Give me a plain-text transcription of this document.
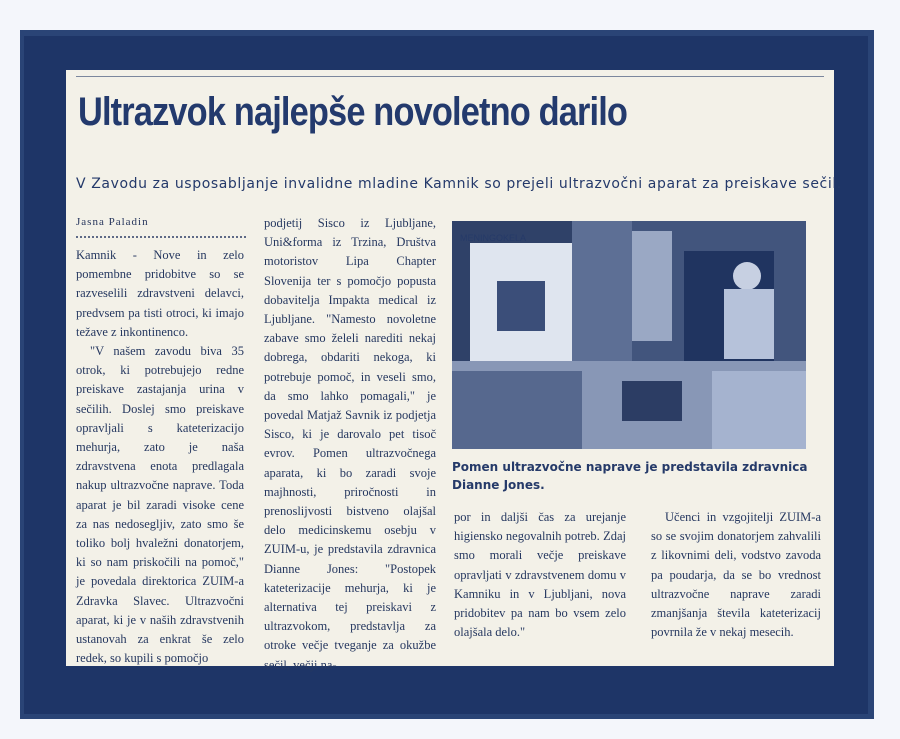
Ultrazvok najlepše novoletno darilo
V Zavodu za usposabljanje invalidne mladine Kamnik so prejeli ultrazvočni aparat za preiskave sečil.
Jasna Paladin

Kamnik - Nove in zelo pomembne pridobitve so se razveselili zdravstveni delavci, predvsem pa tisti otroci, ki imajo težave z inkontinenco.

"V našem zavodu biva 35 otrok, ki potrebujejo redne preiskave zastajanja urina v sečilih. Doslej smo preiskave opravljali s kateterizacijo mehurja, zato je naša zdravstvena enota predlagala nakup ultrazvočne naprave. Toda aparat je bil zaradi visoke cene za nas nedosegljiv, zato smo še toliko bolj hvaležni donatorjem, ki so nam priskočili na pomoč," je povedala direktorica ZUIM-a Zdravka Slavec. Ultrazvočni aparat, ki je v naših zdravstvenih ustanovah za enkrat še zelo redek, so kupili s pomočjo

podjetij Sisco iz Ljubljane, Uni&forma iz Trzina, Društva motoristov Lipa Chapter Slovenija ter s pomočjo popusta dobavitelja Impakta medical iz Ljubljane. "Namesto novoletne zabave smo želeli narediti nekaj dobrega, obdariti nekoga, ki potrebuje pomoč, in veseli smo, da smo lahko pomagali," je povedal Matjaž Savnik iz podjetja Sisco, ki je darovalo pet tisoč evrov. Pomen ultrazvočnega aparata, ki bo zaradi svoje majhnosti, priročnosti in prenoslijvosti bistveno olajšal delo medicinskemu osebju v ZUIM-u, je predstavila zdravnica Dianne Jones: "Postopek kateterizacije mehurja, ki je alternativa tej preiskavi z ultrazvokom, predstavlja za otroke večje tveganje za okužbe sečil, večji na-

MENINGOKELA
Pomen ultrazvočne naprave je predstavila zdravnica Dianne Jones.

por in daljši čas za urejanje higiensko negovalnih potreb. Zdaj smo morali večje preiskave opravljati v zdravstvenem domu v Kamniku in v Ljubljani, nova pridobitev pa nam bo vsem zelo olajšala delo."

Učenci in vzgojitelji ZUIM-a so se svojim donatorjem zahvalili z likovnimi deli, vodstvo zavoda pa poudarja, da se bo vrednost ultrazvočne naprave zaradi zmanjšanja števila kateterizacij povrnila že v nekaj mesecih.
